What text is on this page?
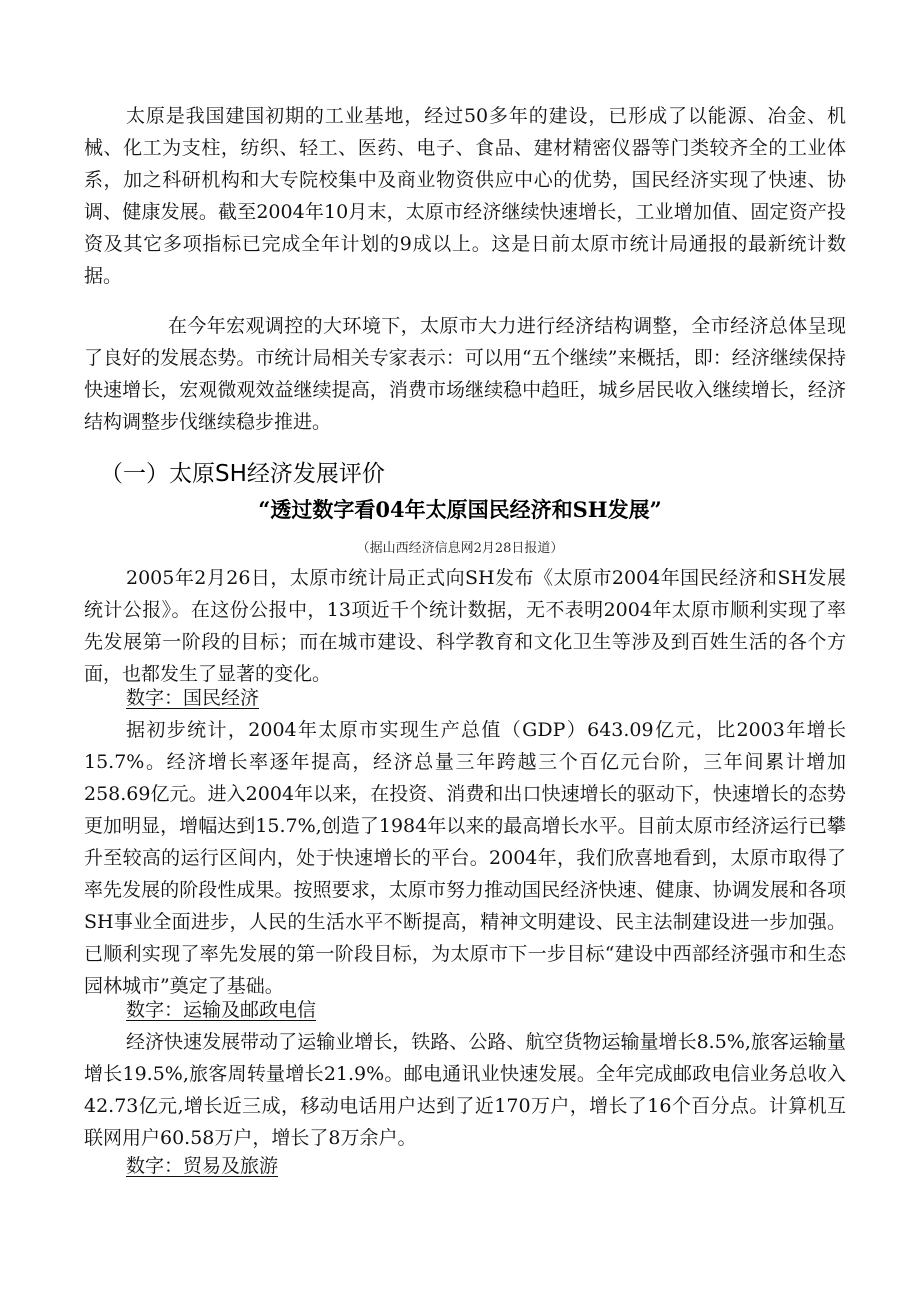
太原是我国建国初期的工业基地，经过50多年的建设，已形成了以能源、冶金、机械、化工为支柱，纺织、轻工、医药、电子、食品、建材精密仪器等门类较齐全的工业体系，加之科研机构和大专院校集中及商业物资供应中心的优势，国民经济实现了快速、协调、健康发展。截至2004年10月末，太原市经济继续快速增长，工业增加值、固定资产投资及其它多项指标已完成全年计划的9成以上。这是日前太原市统计局通报的最新统计数据。

在今年宏观调控的大环境下，太原市大力进行经济结构调整，全市经济总体呈现了良好的发展态势。市统计局相关专家表示：可以用“五个继续”来概括，即：经济继续保持快速增长，宏观微观效益继续提高，消费市场继续稳中趋旺，城乡居民收入继续增长，经济结构调整步伐继续稳步推进。

（一）太原SH经济发展评价
“透过数字看04年太原国民经济和SH发展”

（据山西经济信息网2月28日报道）

2005年2月26日，太原市统计局正式向SH发布《太原市2004年国民经济和SH发展统计公报》。在这份公报中，13项近千个统计数据，无不表明2004年太原市顺利实现了率先发展第一阶段的目标；而在城市建设、科学教育和文化卫生等涉及到百姓生活的各个方面，也都发生了显著的变化。

数字：国民经济

据初步统计，2004年太原市实现生产总值（GDP）643.09亿元，比2003年增长15.7%。经济增长率逐年提高，经济总量三年跨越三个百亿元台阶，三年间累计增加258.69亿元。进入2004年以来，在投资、消费和出口快速增长的驱动下，快速增长的态势更加明显，增幅达到15.7%,创造了1984年以来的最高增长水平。目前太原市经济运行已攀升至较高的运行区间内，处于快速增长的平台。2004年，我们欣喜地看到，太原市取得了率先发展的阶段性成果。按照要求，太原市努力推动国民经济快速、健康、协调发展和各项SH事业全面进步，人民的生活水平不断提高，精神文明建设、民主法制建设进一步加强。已顺利实现了率先发展的第一阶段目标，为太原市下一步目标“建设中西部经济强市和生态园林城市”奠定了基础。

数字：运输及邮政电信

经济快速发展带动了运输业增长，铁路、公路、航空货物运输量增长8.5%,旅客运输量增长19.5%,旅客周转量增长21.9%。邮电通讯业快速发展。全年完成邮政电信业务总收入42.73亿元,增长近三成，移动电话用户达到了近170万户，增长了16个百分点。计算机互联网用户60.58万户，增长了8万余户。

数字：贸易及旅游
